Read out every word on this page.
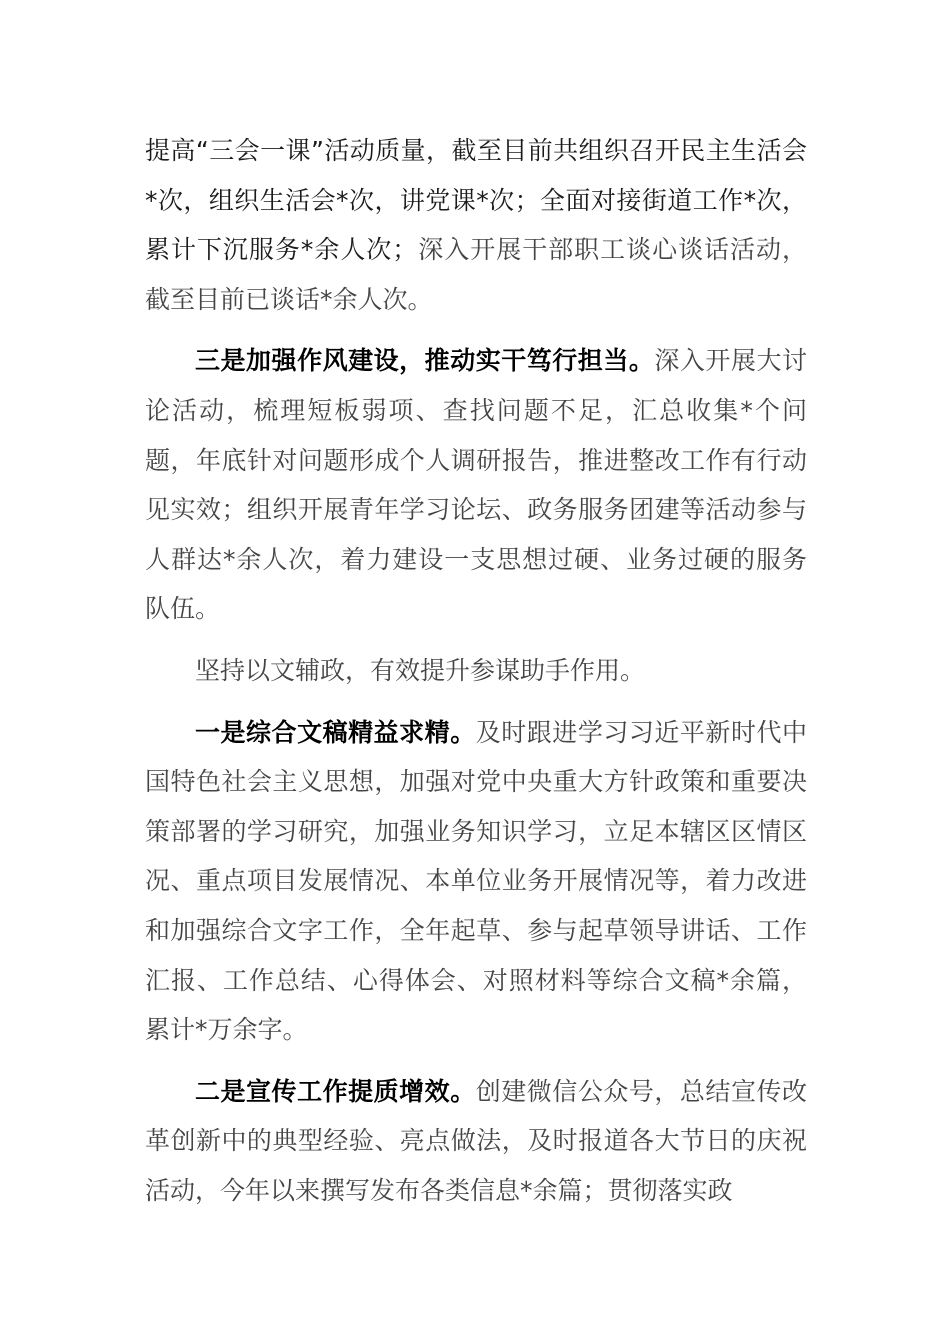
提高“三会一课”活动质量，截至目前共组织召开民主生活会*次，组织生活会*次，讲党课*次；全面对接街道工作*次，累计下沉服务*余人次；深入开展干部职工谈心谈话活动，截至目前已谈话*余人次。

三是加强作风建设，推动实干笃行担当。深入开展大讨论活动，梳理短板弱项、查找问题不足，汇总收集*个问题，年底针对问题形成个人调研报告，推进整改工作有行动见实效；组织开展青年学习论坛、政务服务团建等活动参与人群达*余人次，着力建设一支思想过硬、业务过硬的服务队伍。

坚持以文辅政，有效提升参谋助手作用。

一是综合文稿精益求精。及时跟进学习习近平新时代中国特色社会主义思想，加强对党中央重大方针政策和重要决策部署的学习研究，加强业务知识学习，立足本辖区区情区况、重点项目发展情况、本单位业务开展情况等，着力改进和加强综合文字工作，全年起草、参与起草领导讲话、工作汇报、工作总结、心得体会、对照材料等综合文稿*余篇，累计*万余字。

二是宣传工作提质增效。创建微信公众号，总结宣传改革创新中的典型经验、亮点做法，及时报道各大节日的庆祝活动，今年以来撰写发布各类信息*余篇；贯彻落实政
